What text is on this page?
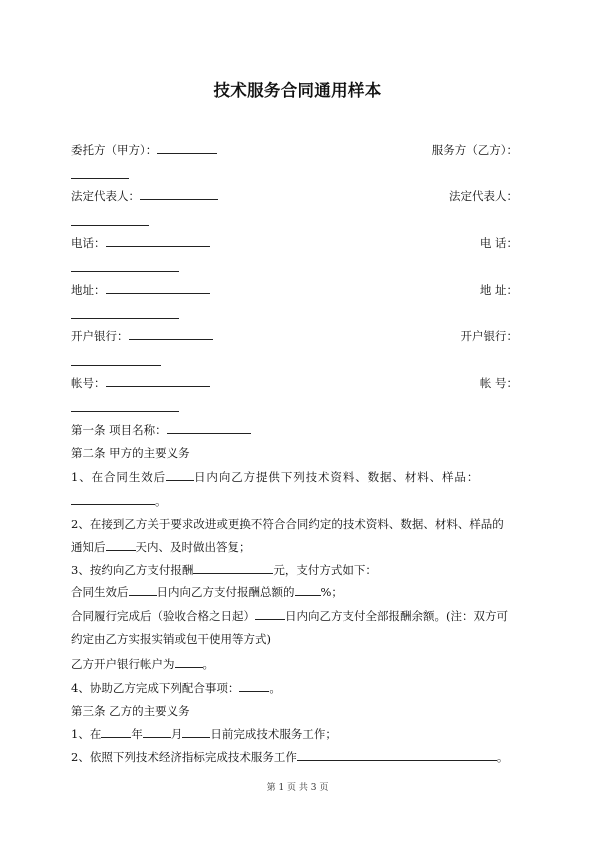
技术服务合同通用样本
委托方（甲方）：	服务方（乙方）：
法定代表人：	法定代表人：
电话：	电 话：
地址：	地 址：
开户银行：	开户银行：
帐号：	帐 号：
第一条 项目名称：
第二条 甲方的主要义务
1、在合同生效后 日内向乙方提供下列技术资料、数据、材料、样品：
。
2、在接到乙方关于要求改进或更换不符合合同约定的技术资料、数据、材料、样品的
通知后	天内、及时做出答复；
3、按约向乙方支付报酬	元，支付方式如下：
合同生效后 日内向乙方支付报酬总额的 %；
合同履行完成后（验收合格之日起）	日内向乙方支付全部报酬余额。(注：双方可
约定由乙方实报实销或包干使用等方式)
乙方开户银行帐户为 。
4、协助乙方完成下列配合事项：	。
第三条 乙方的主要义务
1、在	年 月 日前完成技术服务工作；
2、依照下列技术经济指标完成技术服务工作	。
第 1 页 共 3 页
